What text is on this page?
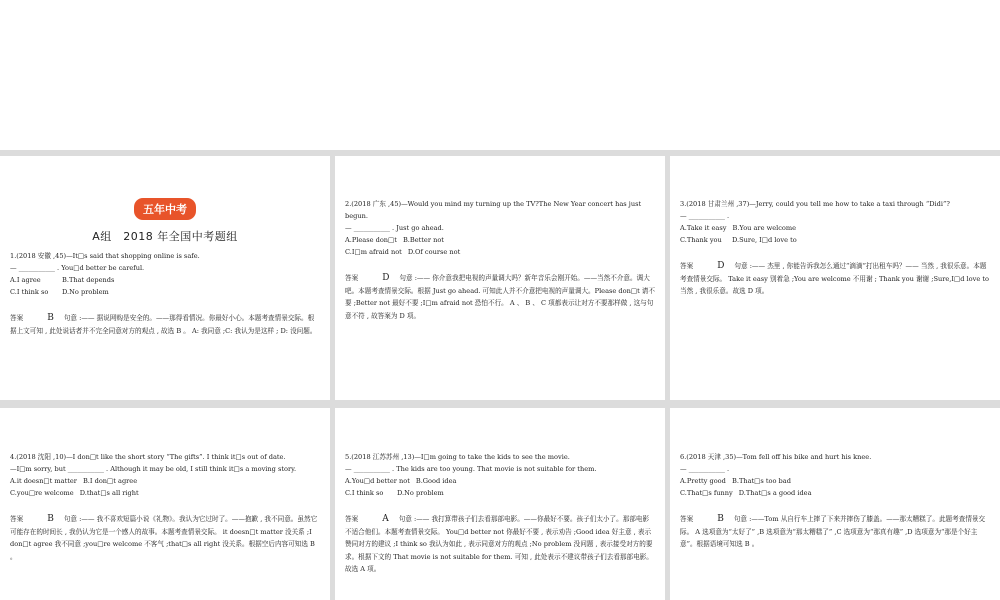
五年中考
A组　2018 年全国中考题组

1.(2018 安徽 ,45)—It□s said that shopping online is safe.

— ___________ . You□d better be careful.

A.I agree	B.That depends
C.I think so	D.No problem
答案	B 句意 :—— 据说网购是安全的。——那得看情况。你最好小心。本题考查情景交际。根据上文可知 , 此处说话者并不完全同意对方的观点 , 故选 B 。 A: 我同意 ;C: 我认为是这样 ; D: 没问题。

2.(2018 广东 ,45)—Would you mind my turning up the TV?The New Year concert has just begun.

— ___________ . Just go ahead.

A.Please don□t B.Better not
C.I□m afraid not D.Of course not
答案	D 句意 :—— 你介意我把电视的声量调大吗？新年音乐会刚开始。——当然不介意。调大吧。本题考查情景交际。根据 Just go ahead. 可知此人并不介意把电视的声量调大。Please don□t 请不要 ;Better not 最好不要 ;I□m afraid not 恐怕不行。 A 、 B 、 C 项都表示让对方不要那样做 , 这与句意不符 , 故答案为 D 项。

3.(2018 甘肃兰州 ,37)—Jerry, could you tell me how to take a taxi through “Didi”?

— ___________ .

A.Take it easy B.You are welcome
C.Thank you	D.Sure, I□d love to
答案	D 句意 :—— 杰里 , 你能告诉我怎么通过“滴滴”打出租车吗？—— 当然 , 我很乐意。本题考查情景交际。 Take it easy 别着急 ;You are welcome 不用谢 ; Thank you 谢谢 ;Sure,I□d love to 当然 , 我很乐意。故选 D 项。

4.(2018 沈阳 ,10)—I don□t like the short story “The gifts”. I think it□s out of date.

—I□m sorry, but ___________ . Although it may be old, I still think it□s a moving story.

A.it doesn□t matter B.I don□t agree
C.you□re welcome D.that□s all right
答案	B 句意 :—— 我不喜欢短篇小说《礼物》。我认为它过时了。——抱歉 , 我不同意。虽然它可能存在的时间长 , 我仍认为它是一个感人的故事。本题考查情景交际。 it doesn□t matter 没关系 ;I don□t agree 我不同意 ;you□re welcome 不客气 ;that□s all right 没关系。根据空后内容可知选 B 。

5.(2018 江苏苏州 ,13)—I□m going to take the kids to see the movie.

— ___________ . The kids are too young. That movie is not suitable for them.

A.You□d better not B.Good idea
C.I think so	D.No problem
答案	A 句意 :—— 我打算带孩子们去看那部电影。——你最好不要。孩子们太小了。那部电影不适合他们。本题考查情景交际。 You□d better not 你最好不要 , 表示劝告 ;Good idea 好主意 , 表示赞同对方的建议 ;I think so 我认为如此 , 表示同意对方的观点 ;No problem 没问题 , 表示接受对方的要求。根据下文的 That movie is not suitable for them. 可知 , 此处表示不建议带孩子们去看那部电影。故选 A 项。

6.(2018 天津 ,35)—Tom fell off his bike and hurt his knee.

— ___________ .

A.Pretty good B.That□s too bad
C.That□s funny D.That□s a good idea
答案	B 句意 :——Tom 从自行车上摔了下来并摔伤了膝盖。——那太糟糕了。此题考查情景交际。 A 选项意为“太好了” ,B 选项意为“那太糟糕了” ,C 选项意为“那真有趣” ,D 选项意为“那是个好主意”。根据语境可知选 B 。
